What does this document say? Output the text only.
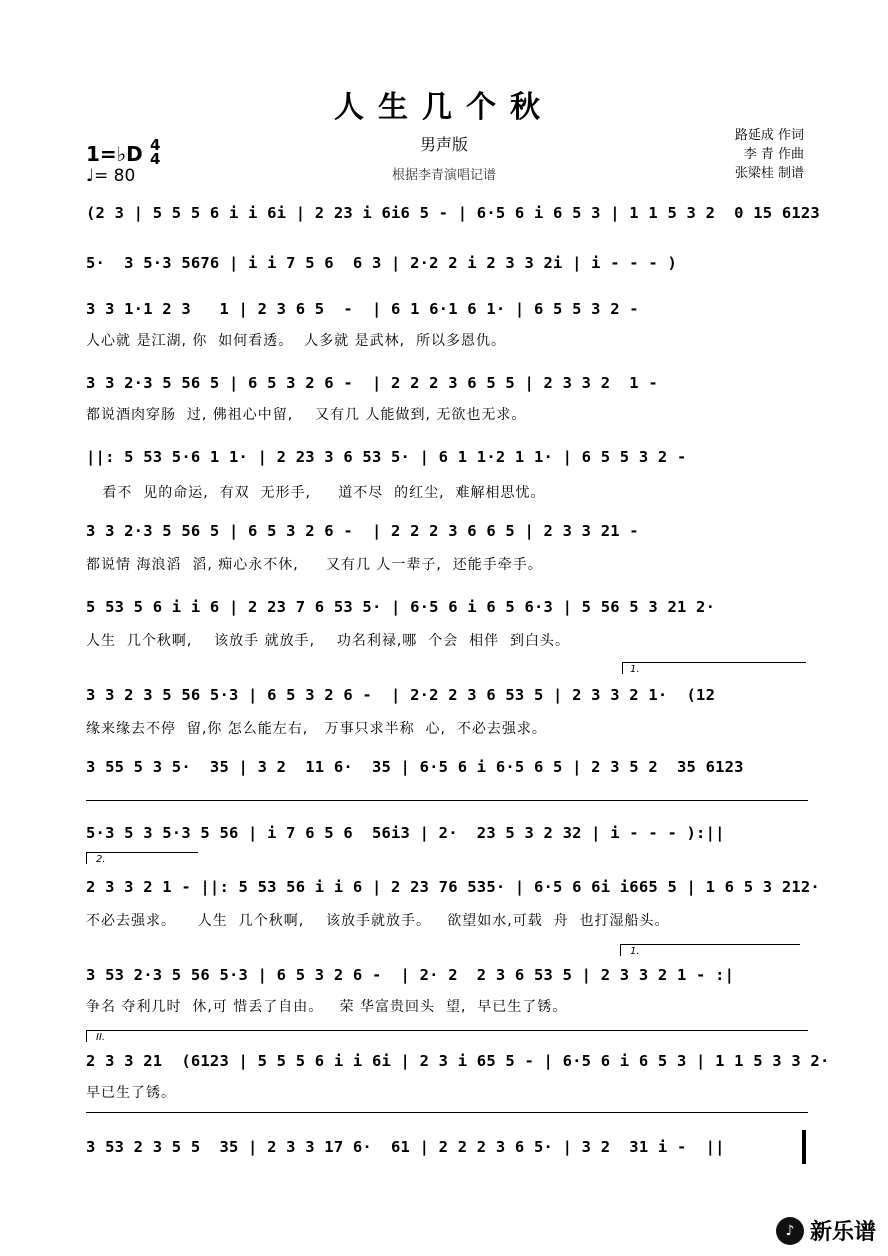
人生几个秋
1=♭D 4
4
♩= 80
男声版
根据李青演唱记谱
路延成 作词
李 青 作曲
张梁桂 制谱
(2 3 | 5 5 5 6 i i 6i | 2 23 i 6i6 5 - | 6·5 6 i 6 5 3 | 1 1 5 3 2  0 15 6123
5·  3 5·3 5676 | i i 7 5 6  6 3 | 2·2 2 i 2 3 3 2i | i - - - )
3 3 1·1 2 3   1 | 2 3 6 5  -  | 6 1 6·1 6 1· | 6 5 5 3 2 -
人心就 是江湖, 你  如何看透。  人多就 是武林,  所以多恩仇。
3 3 2·3 5 56 5 | 6 5 3 2 6 -  | 2 2 2 3 6 5 5 | 2 3 3 2  1 -
都说酒肉穿肠  过, 佛祖心中留,    又有几 人能做到, 无欲也无求。
||: 5 53 5·6 1 1· | 2 23 3 6 53 5· | 6 1 1·2 1 1· | 6 5 5 3 2 -
看不  见的命运,  有双  无形手,     道不尽  的红尘,  难解相思忧。
3 3 2·3 5 56 5 | 6 5 3 2 6 -  | 2 2 2 3 6 6 5 | 2 3 3 21 -
都说情 海浪滔  滔, 痴心永不休,     又有几 人一辈子,  还能手牵手。
5 53 5 6 i i 6 | 2 23 7 6 53 5· | 6·5 6 i 6 5 6·3 | 5 56 5 3 21 2·
人生  几个秋啊,    该放手 就放手,    功名利禄,哪  个会  相伴  到白头。
1.
3 3 2 3 5 56 5·3 | 6 5 3 2 6 -  | 2·2 2 3 6 53 5 | 2 3 3 2 1·  (12
缘来缘去不停  留,你 怎么能左右,   万事只求半称  心,  不必去强求。
3 55 5 3 5·  35 | 3 2  11 6·  35 | 6·5 6 i 6·5 6 5 | 2 3 5 2  35 6123
5·3 5 3 5·3 5 56 | i 7 6 5 6  56i3 | 2·  23 5 3 2 32 | i - - - ):||
2.
2 3 3 2 1 - ||: 5 53 56 i i 6 | 2 23 76 535· | 6·5 6 6i i665 5 | 1 6 5 3 212·
不必去强求。    人生  几个秋啊,    该放手就放手。   欲望如水,可载  舟  也打湿船头。
1.
3 53 2·3 5 56 5·3 | 6 5 3 2 6 -  | 2· 2  2 3 6 53 5 | 2 3 3 2 1 - :|
争名 夺利几时  休,可 惜丢了自由。   荣 华富贵回头  望,  早已生了锈。
II.
2 3 3 21  (6123 | 5 5 5 6 i i 6i | 2 3 i 65 5 - | 6·5 6 i 6 5 3 | 1 1 5 3 3 2·
早已生了锈。
3 53 2 3 5 5  35 | 2 3 3 17 6·  61 | 2 2 2 3 6 5· | 3 2  31 i -  ||
♪ 新乐谱
